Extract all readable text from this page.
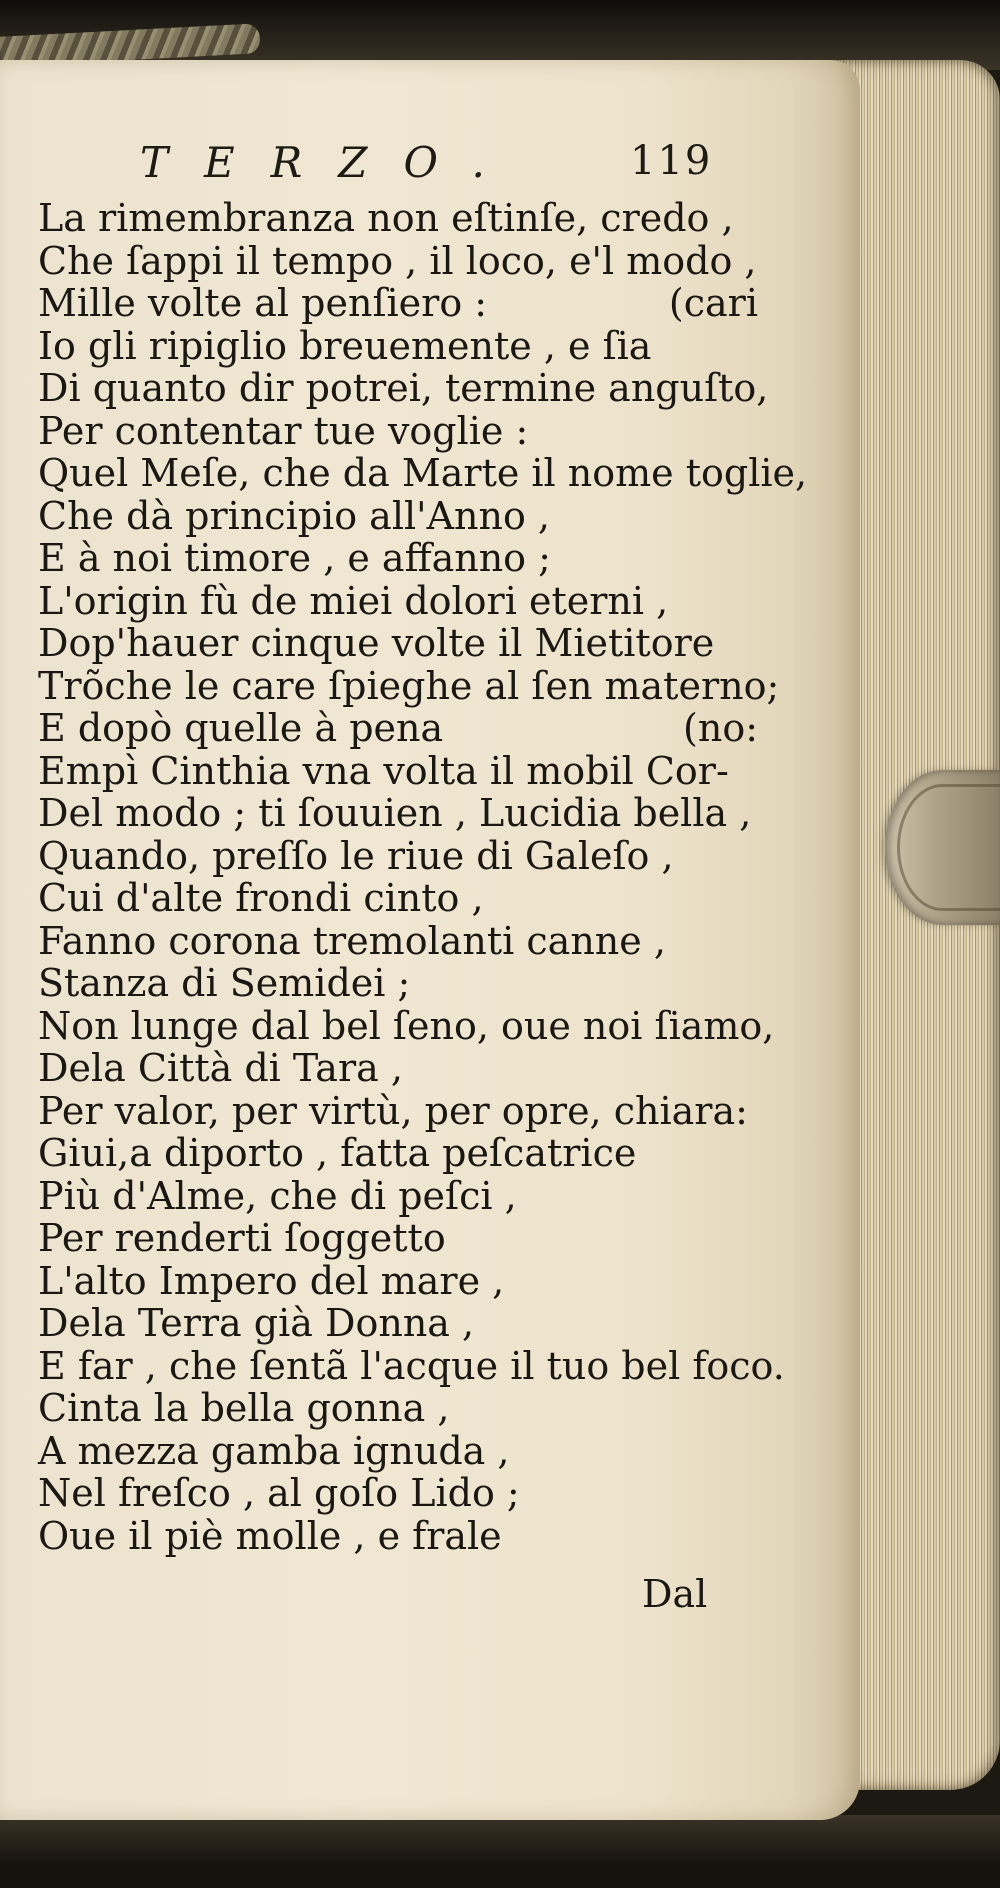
TERZO.	119
La rimembranza non eſtinſe, credo ,
Che ſappi il tempo , il loco, e'l modo ,
Mille volte al penſiero :	(cari
Io gli ripiglio breuemente , e ſia
Di quanto dir potrei, termine anguſto,
Per contentar tue voglie :
Quel Meſe, che da Marte il nome toglie,
Che dà principio all'Anno ,
E à noi timore , e affanno ;
L'origin fù de miei dolori eterni ,
Dop'hauer cinque volte il Mietitore
Trõche le care ſpieghe al ſen materno;
E dopò quelle à pena	(no:
Empì Cinthia vna volta il mobil Cor-
Del modo ; ti ſouuien , Lucidia bella ,
Quando, preſſo le riue di Galeſo ,
Cui d'alte frondi cinto ,
Fanno corona tremolanti canne ,
Stanza di Semidei ;
Non lunge dal bel ſeno, oue noi ſiamo,
Dela Città di Tara ,
Per valor, per virtù, per opre, chiara:
Giui,a diporto , fatta peſcatrice
Più d'Alme, che di peſci ,
Per renderti ſoggetto
L'alto Impero del mare ,
Dela Terra già Donna ,
E far , che ſentã l'acque il tuo bel foco.
Cinta la bella gonna ,
A mezza gamba ignuda ,
Nel freſco , al goſo Lido ;
Oue il piè molle , e frale
Dal
